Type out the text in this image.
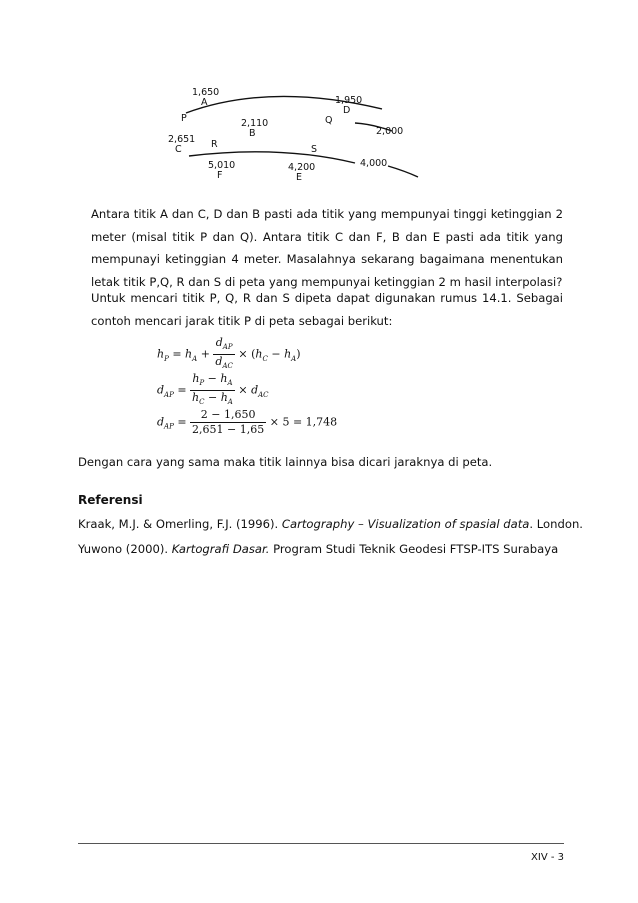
1,650
A
P
2,651
C	R
2,110
B
Q
1,950
D
2,000
S
5,010
F
4,200
E
4,000

Antara titik A dan C, D dan B pasti ada titik yang mempunyai tinggi ketinggian 2 meter (misal titik P dan Q). Antara titik C dan F, B dan E pasti ada titik yang mempunayi ketinggian 4 meter. Masalahnya sekarang bagaimana menentukan letak titik P,Q, R dan S di peta yang mempunyai ketinggian 2 m hasil interpolasi?

Untuk mencari titik P, Q, R dan S dipeta dapat digunakan rumus 14.1. Sebagai contoh mencari jarak titik P di peta sebagai berikut:

$h_P = h_A + \frac{d_{AP}}{d_{AC}} \times (h_C - h_A)$
$d_{AP} = \frac{h_P - h_A}{h_C - h_A} \times d_{AC}$
$d_{AP} = \frac{2 - 1,650}{2,651 - 1,65} \times 5 = 1,748$

Dengan cara yang sama maka titik lainnya bisa dicari jaraknya di peta.

Referensi

Kraak, M.J. & Omerling, F.J. (1996). Cartography – Visualization of spasial data. London.

Yuwono (2000). Kartografi Dasar. Program Studi Teknik Geodesi FTSP-ITS Surabaya

XIV - 3
